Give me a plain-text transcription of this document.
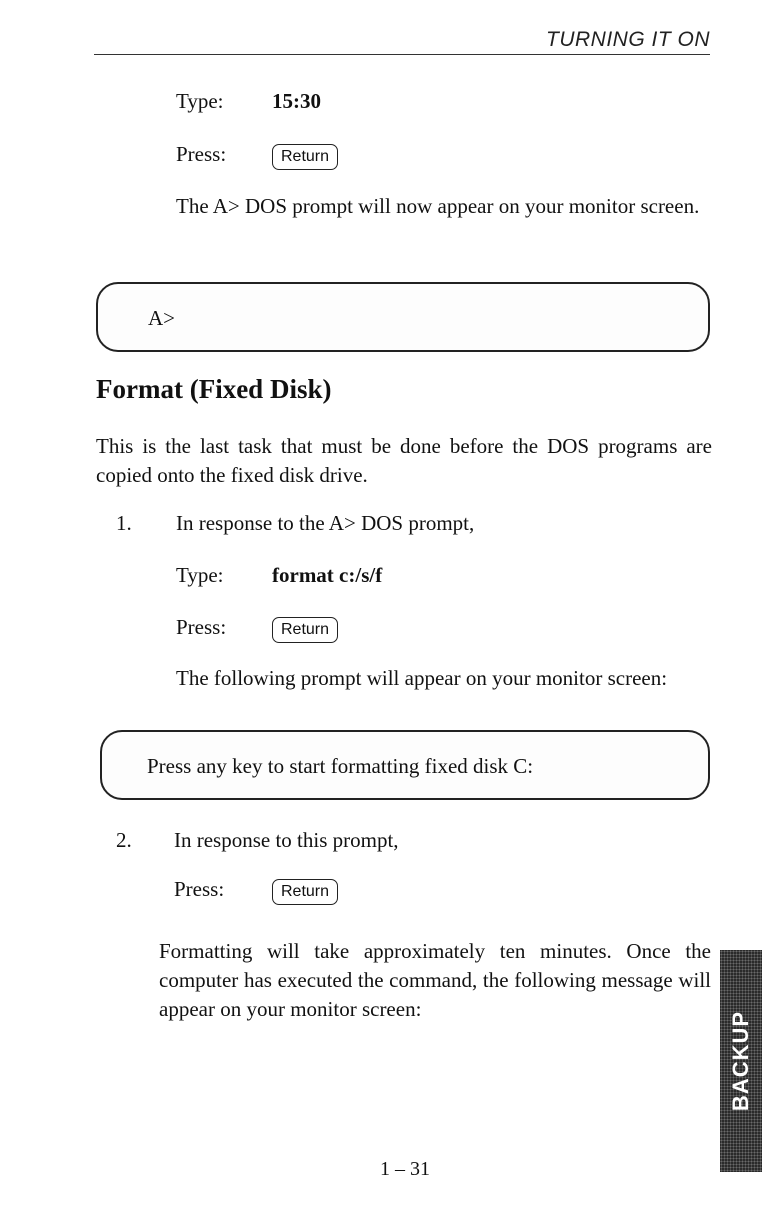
TURNING IT ON
Type: 15:30
Press:	Return
The A> DOS prompt will now appear on your monitor screen.
A>
Format (Fixed Disk)
This is the last task that must be done before the DOS programs are copied onto the fixed disk drive.
1. In response to the A> DOS prompt,
Type: format c:/s/f
Press:	Return
The following prompt will appear on your monitor screen:
Press any key to start formatting fixed disk C:
2. In response to this prompt,
Press:	Return
Formatting will take approximately ten minutes. Once the computer has executed the command, the following message will appear on your monitor screen:
1 – 31
BACKUP
